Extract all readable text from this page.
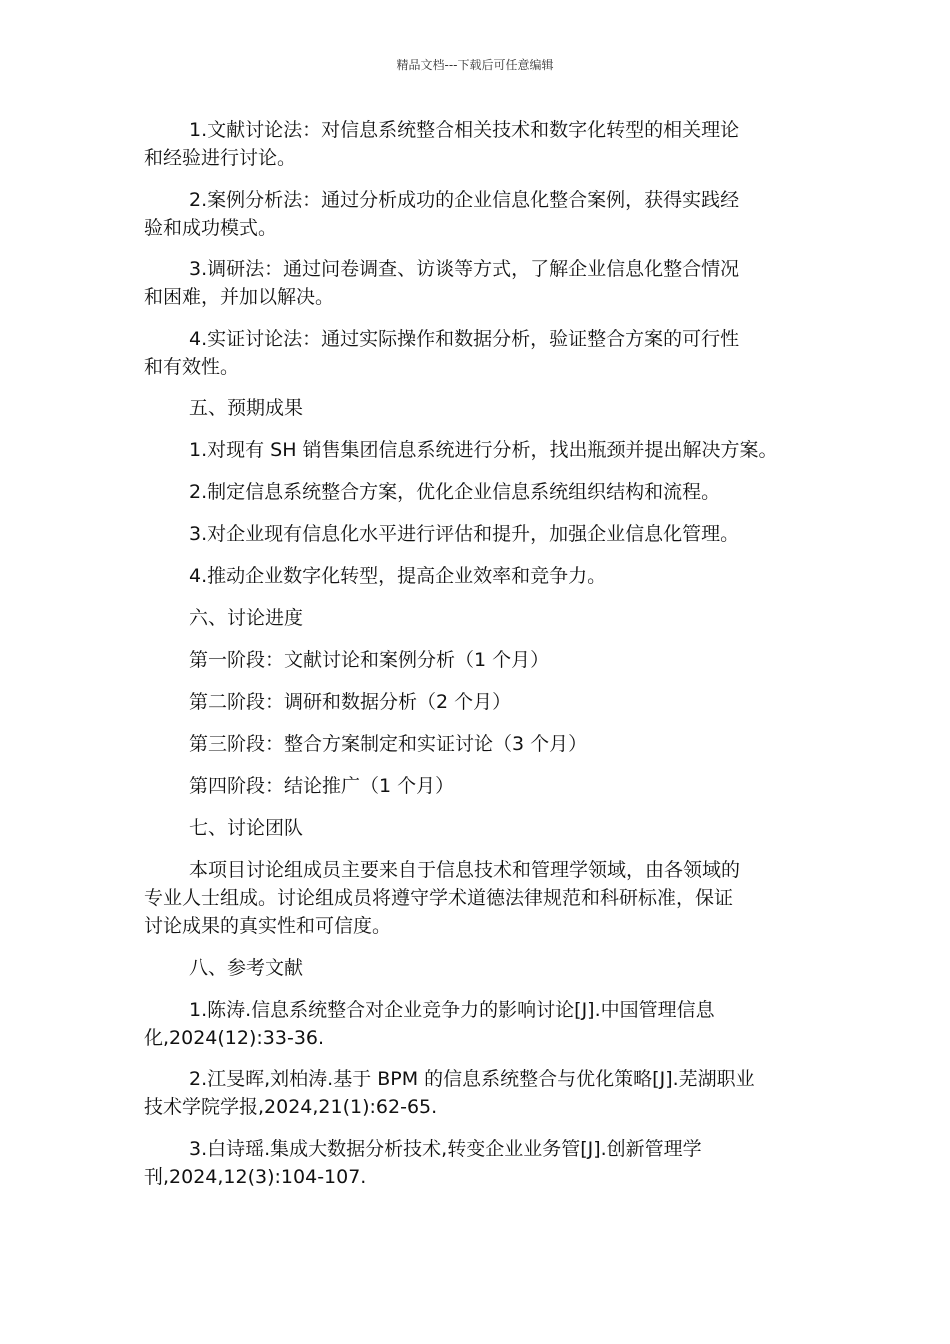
精品文档---下载后可任意编辑

1.文献讨论法：对信息系统整合相关技术和数字化转型的相关理论
和经验进行讨论。

2.案例分析法：通过分析成功的企业信息化整合案例，获得实践经
验和成功模式。

3.调研法：通过问卷调查、访谈等方式，了解企业信息化整合情况
和困难，并加以解决。

4.实证讨论法：通过实际操作和数据分析，验证整合方案的可行性
和有效性。

五、预期成果

1.对现有 SH 销售集团信息系统进行分析，找出瓶颈并提出解决方案。

2.制定信息系统整合方案，优化企业信息系统组织结构和流程。

3.对企业现有信息化水平进行评估和提升，加强企业信息化管理。

4.推动企业数字化转型，提高企业效率和竞争力。

六、讨论进度

第一阶段：文献讨论和案例分析（1 个月）

第二阶段：调研和数据分析（2 个月）

第三阶段：整合方案制定和实证讨论（3 个月）

第四阶段：结论推广（1 个月）

七、讨论团队

本项目讨论组成员主要来自于信息技术和管理学领域，由各领域的
专业人士组成。讨论组成员将遵守学术道德法律规范和科研标准，保证
讨论成果的真实性和可信度。

八、参考文献

1.陈涛.信息系统整合对企业竞争力的影响讨论[J].中国管理信息
化,2024(12):33-36.

2.江旻晖,刘柏涛.基于 BPM 的信息系统整合与优化策略[J].芜湖职业
技术学院学报,2024,21(1):62-65.

3.白诗瑶.集成大数据分析技术,转变企业业务管[J].创新管理学
刊,2024,12(3):104-107.
